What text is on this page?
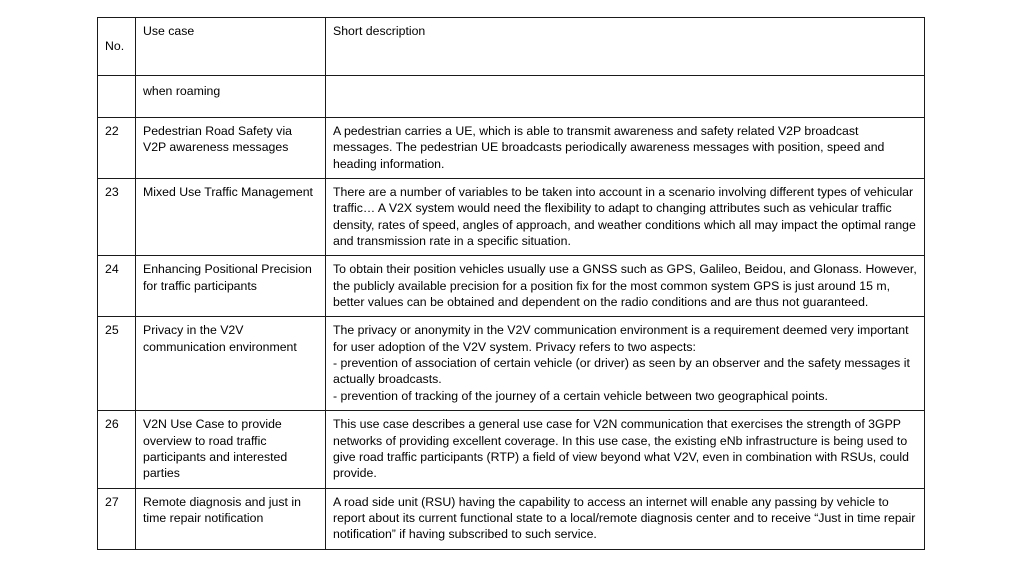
No.	Use case	Short description
	when roaming	
22	Pedestrian Road Safety via V2P awareness messages	A pedestrian carries a UE, which is able to transmit awareness and safety related V2P broadcast messages. The pedestrian UE broadcasts periodically awareness messages with position, speed and heading information.
23	Mixed Use Traffic Management	There are a number of variables to be taken into account in a scenario involving different types of vehicular traffic… A V2X system would need the flexibility to adapt to changing attributes such as vehicular traffic density, rates of speed, angles of approach, and weather conditions which all may impact the optimal range and transmission rate in a specific situation.
24	Enhancing Positional Precision for traffic participants	To obtain their position vehicles usually use a GNSS such as GPS, Galileo, Beidou, and Glonass. However, the publicly available precision for a position fix for the most common system GPS is just around 15 m, better values can be obtained and dependent on the radio conditions and are thus not guaranteed.
25	Privacy in the V2V communication environment	The privacy or anonymity in the V2V communication environment is a requirement deemed very important for user adoption of the V2V system. Privacy refers to two aspects:
- prevention of association of certain vehicle (or driver) as seen by an observer and the safety messages it actually broadcasts.
- prevention of tracking of the journey of a certain vehicle between two geographical points.

26	V2N Use Case to provide overview to road traffic participants and interested parties	This use case describes a general use case for V2N communication that exercises the strength of 3GPP networks of providing excellent coverage. In this use case, the existing eNb infrastructure is being used to give road traffic participants (RTP) a field of view beyond what V2V, even in combination with RSUs, could provide.
27	Remote diagnosis and just in time repair notification	A road side unit (RSU) having the capability to access an internet will enable any passing by vehicle to report about its current functional state to a local/remote diagnosis center and to receive “Just in time repair notification” if having subscribed to such service.
